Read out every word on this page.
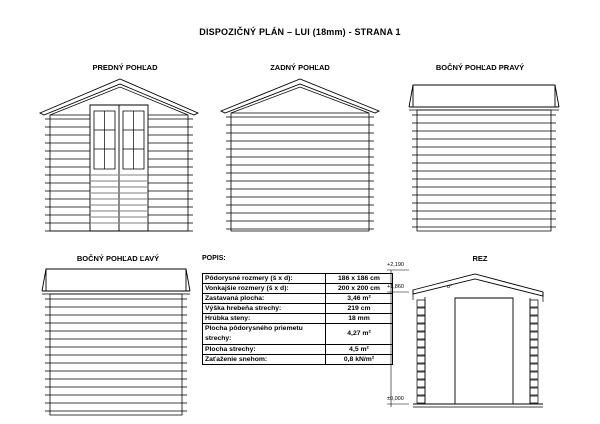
DISPOZIČNÝ PLÁN – LUI (18mm) - STRANA 1
PREDNÝ POHĽAD	ZADNÝ POHĽAD	BOČNÝ POHĽAD PRAVÝ
BOČNÝ POHĽAD ĽAVÝ	POPIS:
Pôdorysné rozmery (š x d):	186 x 186 cm
Vonkajšie rozmery (š x d):	200 x 200 cm
Zastavaná plocha:	3,46 m²
Výška hrebeňa strechy:	219 cm
Hrúbka steny:	18 mm
Plocha pôdorysného priemetu strechy:	4,27 m²
Plocha strechy:	4,5 m²
Zaťaženie snehom:	0,8 kN/m²
REZ
+2,190
+1,860
±0,000
8°
